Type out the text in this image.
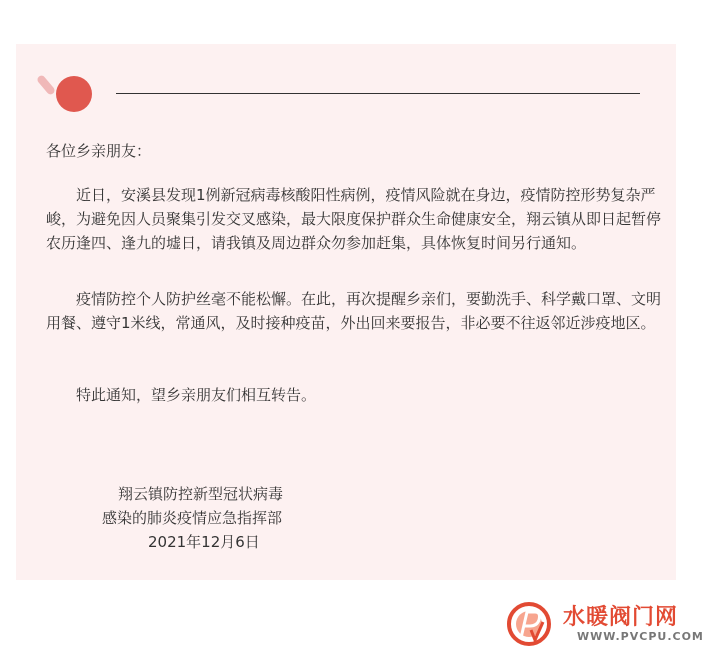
各位乡亲朋友：

近日，安溪县发现1例新冠病毒核酸阳性病例，疫情风险就在身边，疫情防控形势复杂严峻，为避免因人员聚集引发交叉感染，最大限度保护群众生命健康安全，翔云镇从即日起暂停农历逢四、逢九的墟日，请我镇及周边群众勿参加赶集，具体恢复时间另行通知。

疫情防控个人防护丝毫不能松懈。在此，再次提醒乡亲们，要勤洗手、科学戴口罩、文明用餐、遵守1米线，常通风，及时接种疫苗，外出回来要报告，非必要不往返邻近涉疫地区。

特此通知，望乡亲朋友们相互转告。

翔云镇防控新型冠状病毒

感染的肺炎疫情应急指挥部

2021年12月6日

水暖阀门网
WWW.PVCPU.COM
